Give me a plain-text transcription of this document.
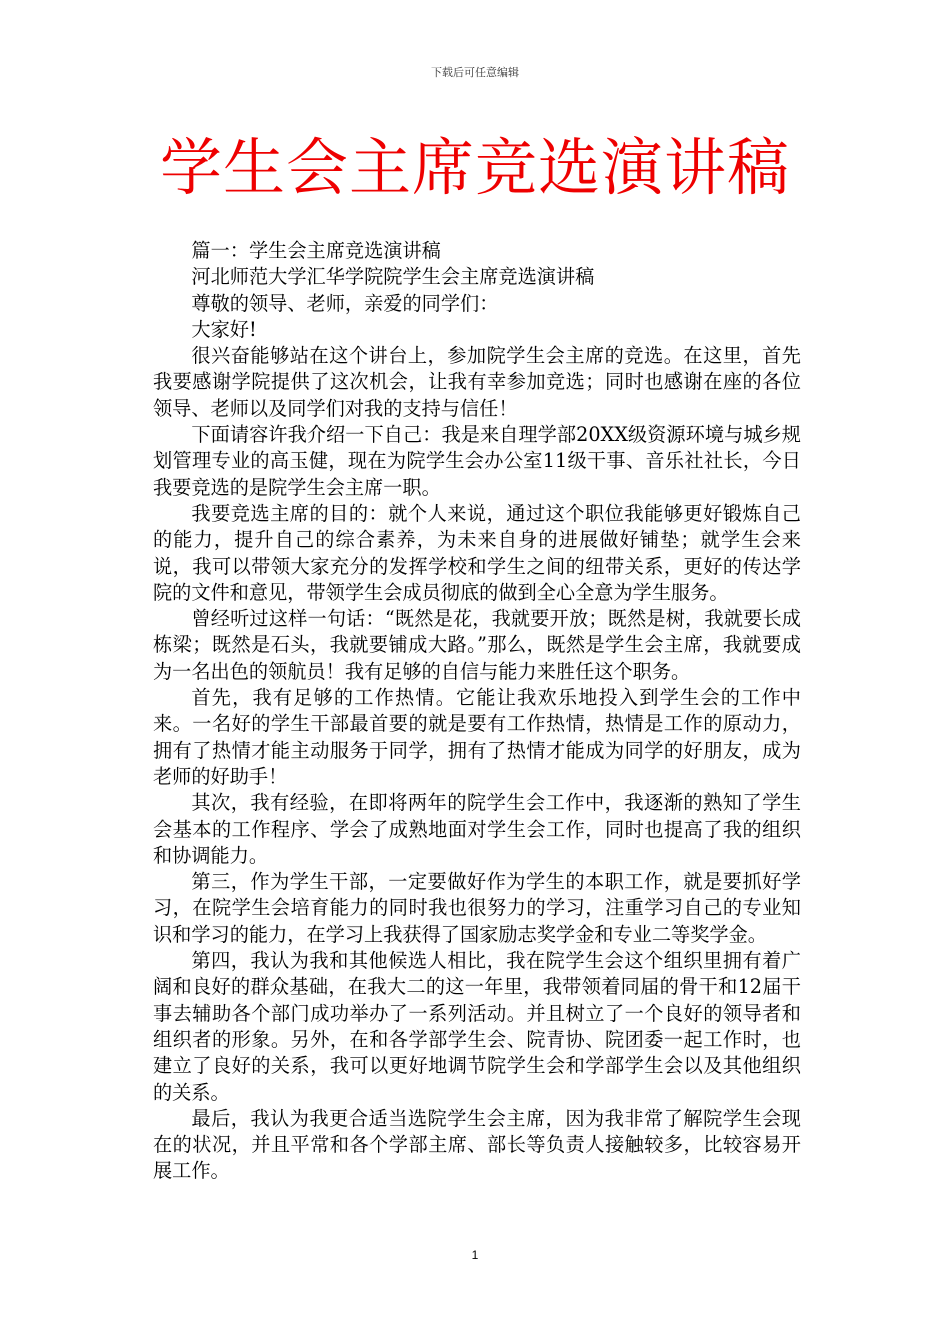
下载后可任意编辑
学生会主席竞选演讲稿

篇一：学生会主席竞选演讲稿

河北师范大学汇华学院院学生会主席竞选演讲稿

尊敬的领导、老师，亲爱的同学们：

大家好!

很兴奋能够站在这个讲台上，参加院学生会主席的竞选。在这里，首先我要感谢学院提供了这次机会，让我有幸参加竞选；同时也感谢在座的各位领导、老师以及同学们对我的支持与信任！

下面请容许我介绍一下自己：我是来自理学部20XX级资源环境与城乡规划管理专业的高玉健，现在为院学生会办公室11级干事、音乐社社长，今日我要竞选的是院学生会主席一职。

我要竞选主席的目的：就个人来说，通过这个职位我能够更好锻炼自己的能力，提升自己的综合素养，为未来自身的进展做好铺垫；就学生会来说，我可以带领大家充分的发挥学校和学生之间的纽带关系，更好的传达学院的文件和意见，带领学生会成员彻底的做到全心全意为学生服务。

曾经听过这样一句话：“既然是花，我就要开放；既然是树，我就要长成栋梁；既然是石头，我就要铺成大路。”那么，既然是学生会主席，我就要成为一名出色的领航员！我有足够的自信与能力来胜任这个职务。

首先，我有足够的工作热情。它能让我欢乐地投入到学生会的工作中来。一名好的学生干部最首要的就是要有工作热情，热情是工作的原动力，拥有了热情才能主动服务于同学，拥有了热情才能成为同学的好朋友，成为老师的好助手！

其次，我有经验，在即将两年的院学生会工作中，我逐渐的熟知了学生会基本的工作程序、学会了成熟地面对学生会工作，同时也提高了我的组织和协调能力。

第三，作为学生干部，一定要做好作为学生的本职工作，就是要抓好学习，在院学生会培育能力的同时我也很努力的学习，注重学习自己的专业知识和学习的能力，在学习上我获得了国家励志奖学金和专业二等奖学金。

第四，我认为我和其他候选人相比，我在院学生会这个组织里拥有着广阔和良好的群众基础，在我大二的这一年里，我带领着同届的骨干和12届干事去辅助各个部门成功举办了一系列活动。并且树立了一个良好的领导者和组织者的形象。另外，在和各学部学生会、院青协、院团委一起工作时，也建立了良好的关系，我可以更好地调节院学生会和学部学生会以及其他组织的关系。

最后，我认为我更合适当选院学生会主席，因为我非常了解院学生会现在的状况，并且平常和各个学部主席、部长等负责人接触较多，比较容易开展工作。

1
